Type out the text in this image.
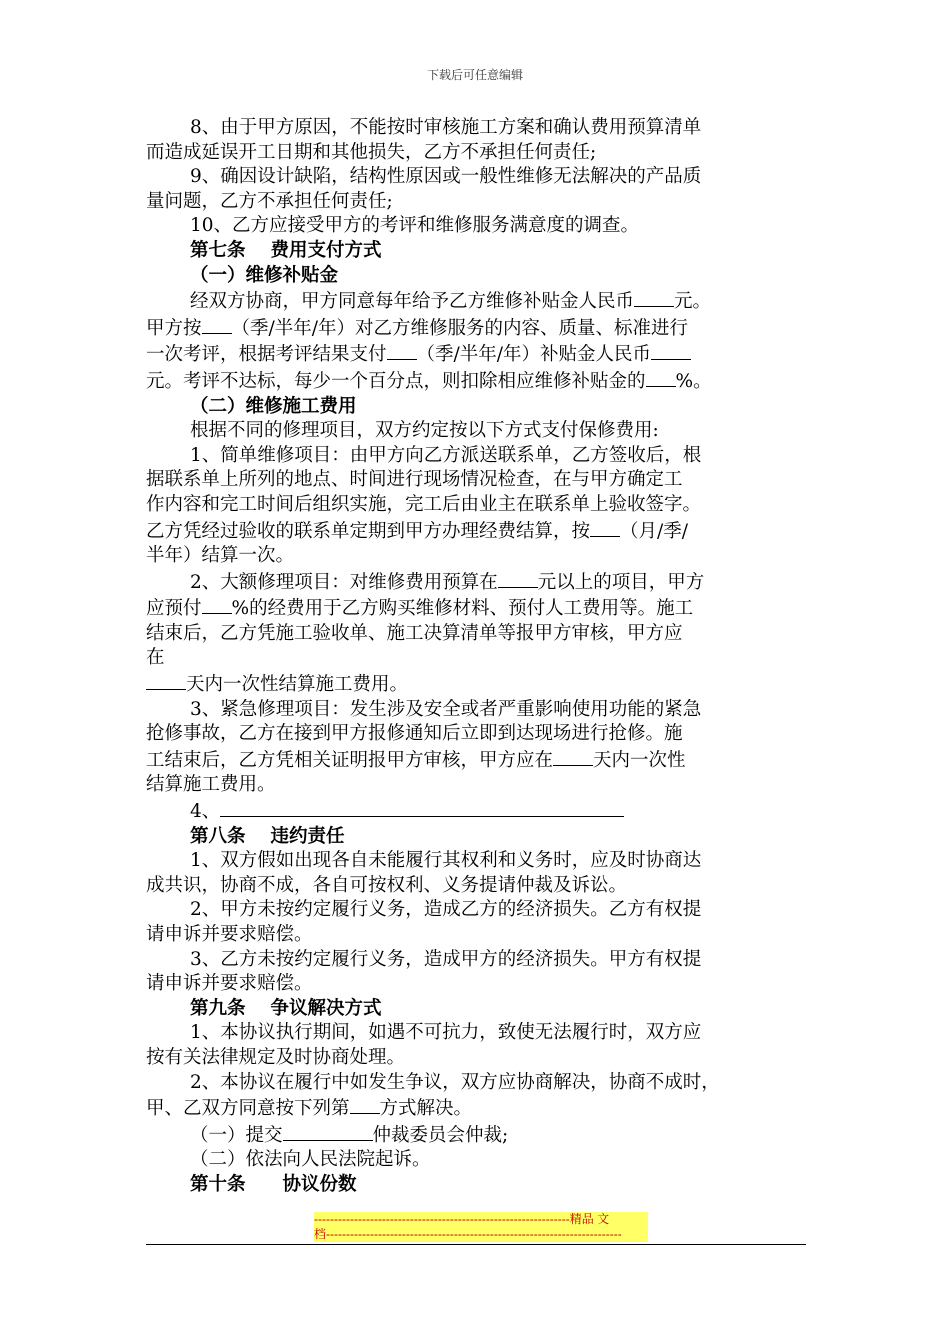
下载后可任意编辑

8、由于甲方原因，不能按时审核施工方案和确认费用预算清单

而造成延误开工日期和其他损失，乙方不承担任何责任;

9、确因设计缺陷，结构性原因或一般性维修无法解决的产品质

量问题，乙方不承担任何责任;

10、乙方应接受甲方的考评和维修服务满意度的调查。

第七条　 费用支付方式

（一）维修补贴金

经双方协商，甲方同意每年给予乙方维修补贴金人民币 元。

甲方按 （季/半年/年）对乙方维修服务的内容、质量、标准进行

一次考评，根据考评结果支付 （季/半年/年）补贴金人民币

元。考评不达标，每少一个百分点，则扣除相应维修补贴金的 %。

（二）维修施工费用

根据不同的修理项目，双方约定按以下方式支付保修费用:

1、简单维修项目：由甲方向乙方派送联系单，乙方签收后，根

据联系单上所列的地点、时间进行现场情况检查，在与甲方确定工

作内容和完工时间后组织实施，完工后由业主在联系单上验收签字。

乙方凭经过验收的联系单定期到甲方办理经费结算，按 （月/季/

半年）结算一次。

2、大额修理项目：对维修费用预算在 元以上的项目，甲方

应预付 %的经费用于乙方购买维修材料、预付人工费用等。施工

结束后，乙方凭施工验收单、施工决算清单等报甲方审核，甲方应

在

天内一次性结算施工费用。

3、紧急修理项目：发生涉及安全或者严重影响使用功能的紧急

抢修事故，乙方在接到甲方报修通知后立即到达现场进行抢修。施

工结束后，乙方凭相关证明报甲方审核，甲方应在 天内一次性

结算施工费用。

4、

第八条　 违约责任

1、双方假如出现各自未能履行其权利和义务时，应及时协商达

成共识，协商不成，各自可按权利、义务提请仲裁及诉讼。

2、甲方未按约定履行义务，造成乙方的经济损失。乙方有权提

请申诉并要求赔偿。

3、乙方未按约定履行义务，造成甲方的经济损失。甲方有权提

请申诉并要求赔偿。

第九条　 争议解决方式

1、本协议执行期间，如遇不可抗力，致使无法履行时，双方应

按有关法律规定及时协商处理。

2、本协议在履行中如发生争议，双方应协商解决，协商不成时，

甲、乙双方同意按下列第 方式解决。

（一）提交	仲裁委员会仲裁;

（二）依法向人民法院起诉。

第十条　　协议份数

----------------------------------------------------------------精品 文
档--------------------------------------------------------------------------
